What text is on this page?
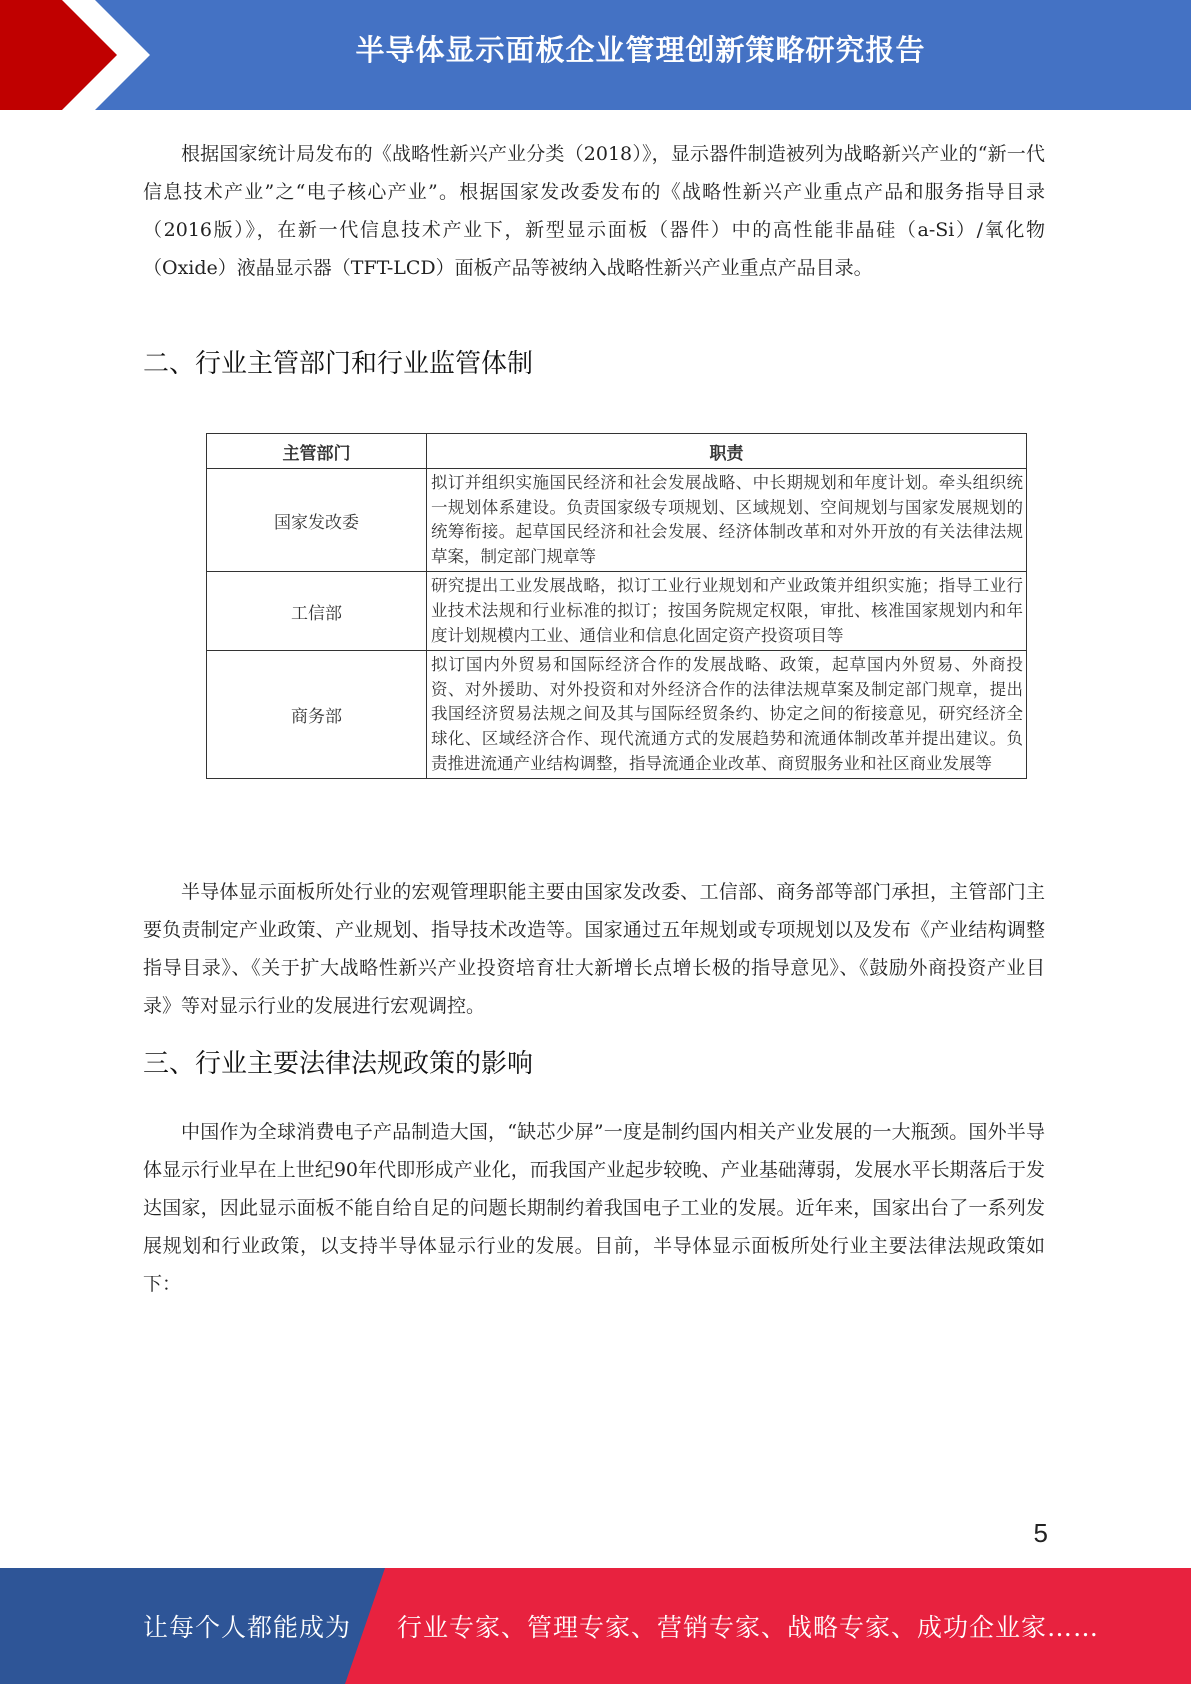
半导体显示面板企业管理创新策略研究报告

根据国家统计局发布的《战略性新兴产业分类（2018）》，显示器件制造被列为战略新兴产业的“新一代信息技术产业”之“电子核心产业”。根据国家发改委发布的《战略性新兴产业重点产品和服务指导目录（2016版）》，在新一代信息技术产业下，新型显示面板（器件）中的高性能非晶硅（a-Si）/氧化物（Oxide）液晶显示器（TFT-LCD）面板产品等被纳入战略性新兴产业重点产品目录。

二、行业主管部门和行业监管体制
主管部门	职责
国家发改委	拟订并组织实施国民经济和社会发展战略、中长期规划和年度计划。牵头组织统一规划体系建设。负责国家级专项规划、区域规划、空间规划与国家发展规划的统筹衔接。起草国民经济和社会发展、经济体制改革和对外开放的有关法律法规草案，制定部门规章等
工信部	研究提出工业发展战略，拟订工业行业规划和产业政策并组织实施；指导工业行业技术法规和行业标准的拟订；按国务院规定权限，审批、核准国家规划内和年度计划规模内工业、通信业和信息化固定资产投资项目等
商务部	拟订国内外贸易和国际经济合作的发展战略、政策，起草国内外贸易、外商投资、对外援助、对外投资和对外经济合作的法律法规草案及制定部门规章，提出我国经济贸易法规之间及其与国际经贸条约、协定之间的衔接意见，研究经济全球化、区域经济合作、现代流通方式的发展趋势和流通体制改革并提出建议。负责推进流通产业结构调整，指导流通企业改革、商贸服务业和社区商业发展等

半导体显示面板所处行业的宏观管理职能主要由国家发改委、工信部、商务部等部门承担，主管部门主要负责制定产业政策、产业规划、指导技术改造等。国家通过五年规划或专项规划以及发布《产业结构调整指导目录》、《关于扩大战略性新兴产业投资培育壮大新增长点增长极的指导意见》、《鼓励外商投资产业目录》等对显示行业的发展进行宏观调控。

三、行业主要法律法规政策的影响

中国作为全球消费电子产品制造大国，“缺芯少屏”一度是制约国内相关产业发展的一大瓶颈。国外半导体显示行业早在上世纪90年代即形成产业化，而我国产业起步较晚、产业基础薄弱，发展水平长期落后于发达国家，因此显示面板不能自给自足的问题长期制约着我国电子工业的发展。近年来，国家出台了一系列发展规划和行业政策，以支持半导体显示行业的发展。目前，半导体显示面板所处行业主要法律法规政策如下：

5
让每个人都能成为 行业专家、管理专家、营销专家、战略专家、成功企业家……
